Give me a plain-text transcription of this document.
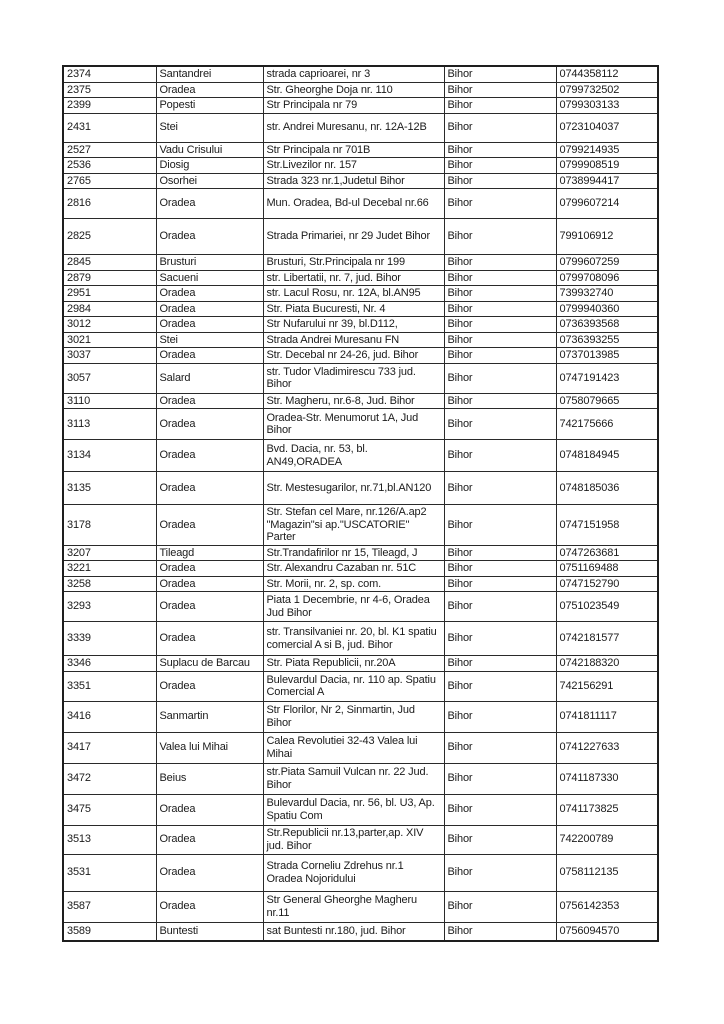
2374	Santandrei	strada caprioarei, nr 3	Bihor	0744358112
2375	Oradea	Str. Gheorghe Doja nr. 110	Bihor	0799732502
2399	Popesti	Str Principala nr 79	Bihor	0799303133
2431	Stei	str. Andrei Muresanu, nr. 12A-12B	Bihor	0723104037
2527	Vadu Crisului	Str Principala nr 701B	Bihor	0799214935
2536	Diosig	Str.Livezilor nr. 157	Bihor	0799908519
2765	Osorhei	Strada 323 nr.1,Judetul Bihor	Bihor	0738994417
2816	Oradea	Mun. Oradea, Bd-ul Decebal nr.66	Bihor	0799607214
2825	Oradea	Strada Primariei, nr 29 Judet Bihor	Bihor	799106912
2845	Brusturi	Brusturi, Str.Principala nr 199	Bihor	0799607259
2879	Sacueni	str. Libertatii, nr. 7, jud. Bihor	Bihor	0799708096
2951	Oradea	str. Lacul Rosu, nr. 12A, bl.AN95	Bihor	739932740
2984	Oradea	Str. Piata Bucuresti, Nr. 4	Bihor	0799940360
3012	Oradea	Str Nufarului nr 39, bl.D112,	Bihor	0736393568
3021	Stei	Strada Andrei Muresanu FN	Bihor	0736393255
3037	Oradea	Str. Decebal nr 24-26, jud. Bihor	Bihor	0737013985
3057	Salard	str. Tudor Vladimirescu 733 jud. Bihor	Bihor	0747191423
3110	Oradea	Str. Magheru, nr.6-8, Jud. Bihor	Bihor	0758079665
3113	Oradea	Oradea-Str. Menumorut 1A, Jud Bihor	Bihor	742175666
3134	Oradea	Bvd. Dacia, nr. 53, bl. AN49,ORADEA	Bihor	0748184945
3135	Oradea	Str. Mestesugarilor, nr.71,bl.AN120	Bihor	0748185036
3178	Oradea	Str. Stefan cel Mare, nr.126/A.ap2 "Magazin"si ap."USCATORIE" Parter	Bihor	0747151958
3207	Tileagd	Str.Trandafirilor nr 15, Tileagd, J	Bihor	0747263681
3221	Oradea	Str. Alexandru Cazaban nr. 51C	Bihor	0751169488
3258	Oradea	Str. Morii, nr. 2, sp. com.	Bihor	0747152790
3293	Oradea	Piata 1 Decembrie, nr 4-6, Oradea Jud Bihor	Bihor	0751023549
3339	Oradea	str. Transilvaniei nr. 20, bl. K1 spatiu comercial A si B, jud. Bihor	Bihor	0742181577
3346	Suplacu de Barcau	Str. Piata Republicii, nr.20A	Bihor	0742188320
3351	Oradea	Bulevardul Dacia, nr. 110 ap. Spatiu Comercial A	Bihor	742156291
3416	Sanmartin	Str Florilor, Nr 2, Sinmartin, Jud Bihor	Bihor	0741811117
3417	Valea lui Mihai	Calea Revolutiei 32-43 Valea lui Mihai	Bihor	0741227633
3472	Beius	str.Piata Samuil Vulcan nr. 22 Jud. Bihor	Bihor	0741187330
3475	Oradea	Bulevardul Dacia, nr. 56, bl. U3, Ap. Spatiu Com	Bihor	0741173825
3513	Oradea	Str.Republicii nr.13,parter,ap. XIV jud. Bihor	Bihor	742200789
3531	Oradea	Strada Corneliu Zdrehus nr.1 Oradea Nojoridului	Bihor	0758112135
3587	Oradea	Str General Gheorghe Magheru nr.11	Bihor	0756142353
3589	Buntesti	sat Buntesti nr.180, jud. Bihor	Bihor	0756094570
